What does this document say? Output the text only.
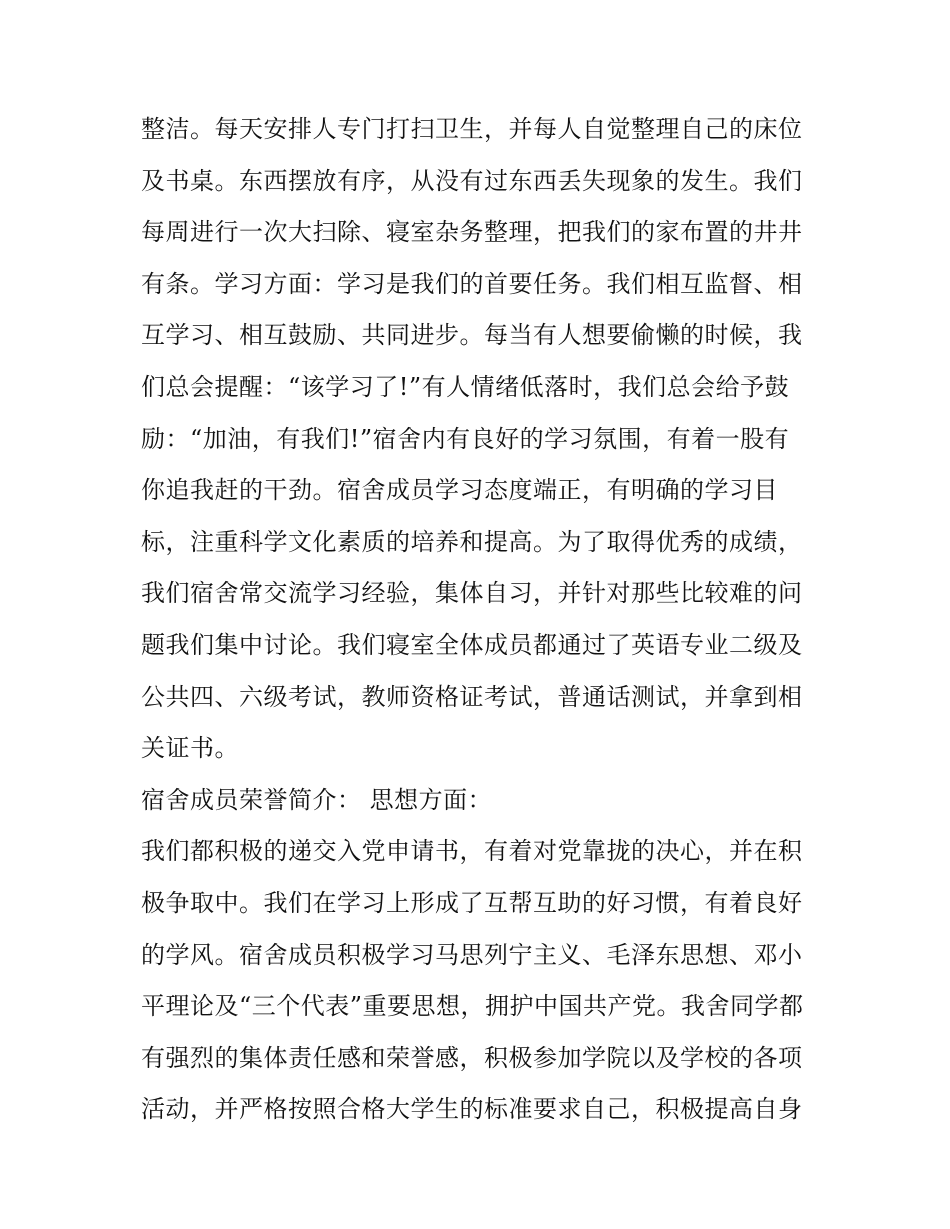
整洁。每天安排人专门打扫卫生，并每人自觉整理自己的床位
及书桌。东西摆放有序，从没有过东西丢失现象的发生。我们
每周进行一次大扫除、寝室杂务整理，把我们的家布置的井井
有条。学习方面：学习是我们的首要任务。我们相互监督、相
互学习、相互鼓励、共同进步。每当有人想要偷懒的时候，我
们总会提醒：“该学习了!”有人情绪低落时，我们总会给予鼓
励：“加油，有我们!”宿舍内有良好的学习氛围，有着一股有
你追我赶的干劲。宿舍成员学习态度端正，有明确的学习目
标，注重科学文化素质的培养和提高。为了取得优秀的成绩，
我们宿舍常交流学习经验，集体自习，并针对那些比较难的问
题我们集中讨论。我们寝室全体成员都通过了英语专业二级及
公共四、六级考试，教师资格证考试，普通话测试，并拿到相
关证书。
宿舍成员荣誉简介： 思想方面：
我们都积极的递交入党申请书，有着对党靠拢的决心，并在积
极争取中。我们在学习上形成了互帮互助的好习惯，有着良好
的学风。宿舍成员积极学习马思列宁主义、毛泽东思想、邓小
平理论及“三个代表”重要思想，拥护中国共产党。我舍同学都
有强烈的集体责任感和荣誉感，积极参加学院以及学校的各项
活动，并严格按照合格大学生的标准要求自己，积极提高自身
